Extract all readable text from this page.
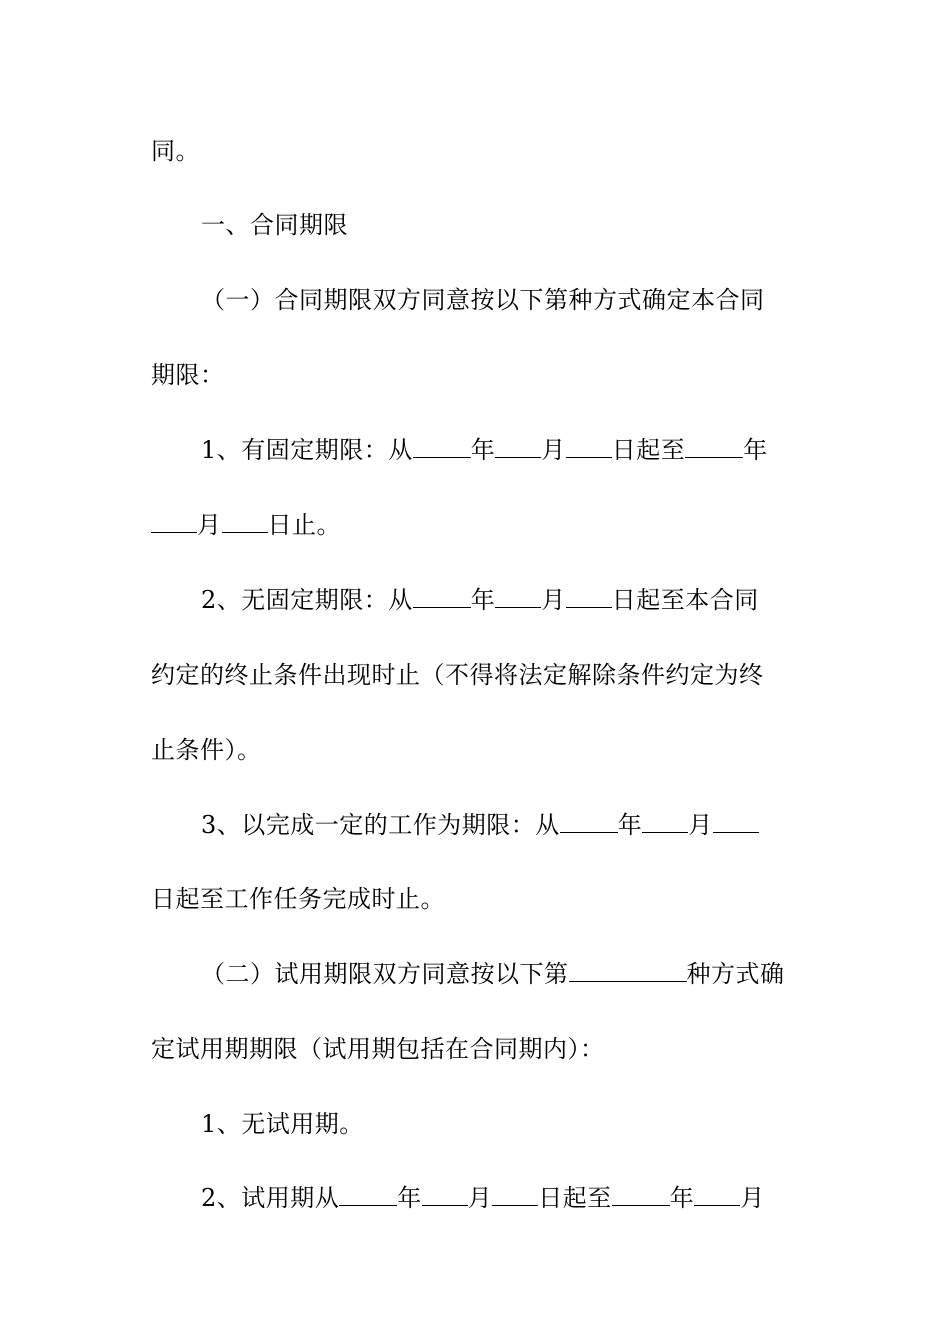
同。
一、合同期限
（一）合同期限双方同意按以下第种方式确定本合同
期限：
1、有固定期限：从 年 月 日起至 年
月 日止。
2、无固定期限：从 年 月 日起至本合同
约定的终止条件出现时止（不得将法定解除条件约定为终
止条件）。
3、以完成一定的工作为期限：从 年 月
日起至工作任务完成时止。
（二）试用期限双方同意按以下第	种方式确
定试用期期限（试用期包括在合同期内）：
1、无试用期。
2、试用期从 年 月 日起至 年 月
